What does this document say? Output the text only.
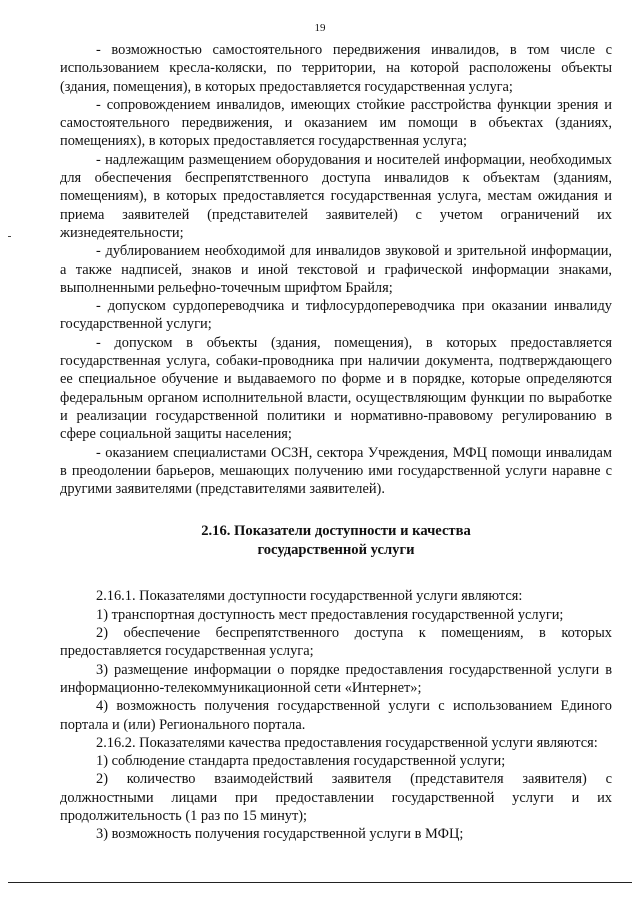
19

- возможностью самостоятельного передвижения инвалидов, в том числе с использованием кресла-коляски, по территории, на которой расположены объекты (здания, помещения), в которых предоставляется государственная услуга;

- сопровождением инвалидов, имеющих стойкие расстройства функции зрения и самостоятельного передвижения, и оказанием им помощи в объектах (зданиях, помещениях), в которых предоставляется государственная услуга;

- надлежащим размещением оборудования и носителей информации, необходимых для обеспечения беспрепятственного доступа инвалидов к объектам (зданиям, помещениям), в которых предоставляется государственная услуга, местам ожидания и приема заявителей (представителей заявителей) с учетом ограничений их жизнедеятельности;

- дублированием необходимой для инвалидов звуковой и зрительной информации, а также надписей, знаков и иной текстовой и графической информации знаками, выполненными рельефно-точечным шрифтом Брайля;

- допуском сурдопереводчика и тифлосурдопереводчика при оказании инвалиду государственной услуги;

- допуском в объекты (здания, помещения), в которых предоставляется государственная услуга, собаки-проводника при наличии документа, подтверждающего ее специальное обучение и выдаваемого по форме и в порядке, которые определяются федеральным органом исполнительной власти, осуществляющим функции по выработке и реализации государственной политики и нормативно-правовому регулированию в сфере социальной защиты населения;

- оказанием специалистами ОСЗН, сектора Учреждения, МФЦ помощи инвалидам в преодолении барьеров, мешающих получению ими государственной услуги наравне с другими заявителями (представителями заявителей).

2.16. Показатели доступности и качества
государственной услуги

2.16.1. Показателями доступности государственной услуги являются:

1) транспортная доступность мест предоставления государственной услуги;

2) обеспечение беспрепятственного доступа к помещениям, в которых предоставляется государственная услуга;

3) размещение информации о порядке предоставления государственной услуги в информационно-телекоммуникационной сети «Интернет»;

4) возможность получения государственной услуги с использованием Единого портала и (или) Регионального портала.

2.16.2. Показателями качества предоставления государственной услуги являются:

1) соблюдение стандарта предоставления государственной услуги;

2) количество взаимодействий заявителя (представителя заявителя) с должностными лицами при предоставлении государственной услуги и их продолжительность (1 раз по 15 минут);

3) возможность получения государственной услуги в МФЦ;
